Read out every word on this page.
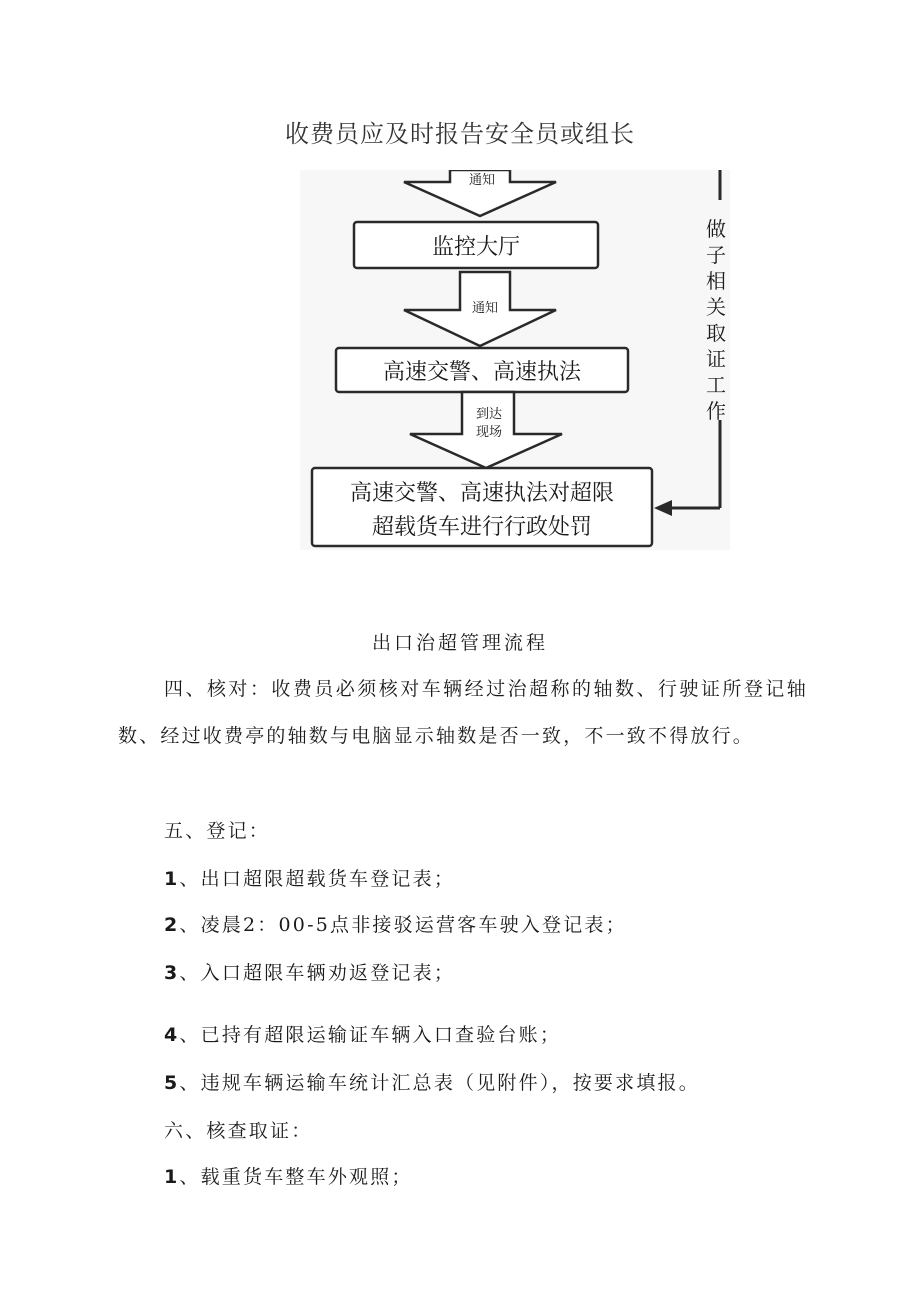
收费员应及时报告安全员或组长
通知
监控大厅
通知
高速交警、高速执法
到达
现场
高速交警、高速执法对超限
超载货车进行行政处罚
做
子
相
关
取
证
工
作
出口治超管理流程

四、核对：收费员必须核对车辆经过治超称的轴数、行驶证所登记轴数、经过收费亭的轴数与电脑显示轴数是否一致，不一致不得放行。

五、登记：

1、出口超限超载货车登记表；

2、凌晨2：00-5点非接驳运营客车驶入登记表；

3、入口超限车辆劝返登记表；

4、已持有超限运输证车辆入口查验台账；

5、违规车辆运输车统计汇总表（见附件），按要求填报。

六、核查取证：

1、载重货车整车外观照；
